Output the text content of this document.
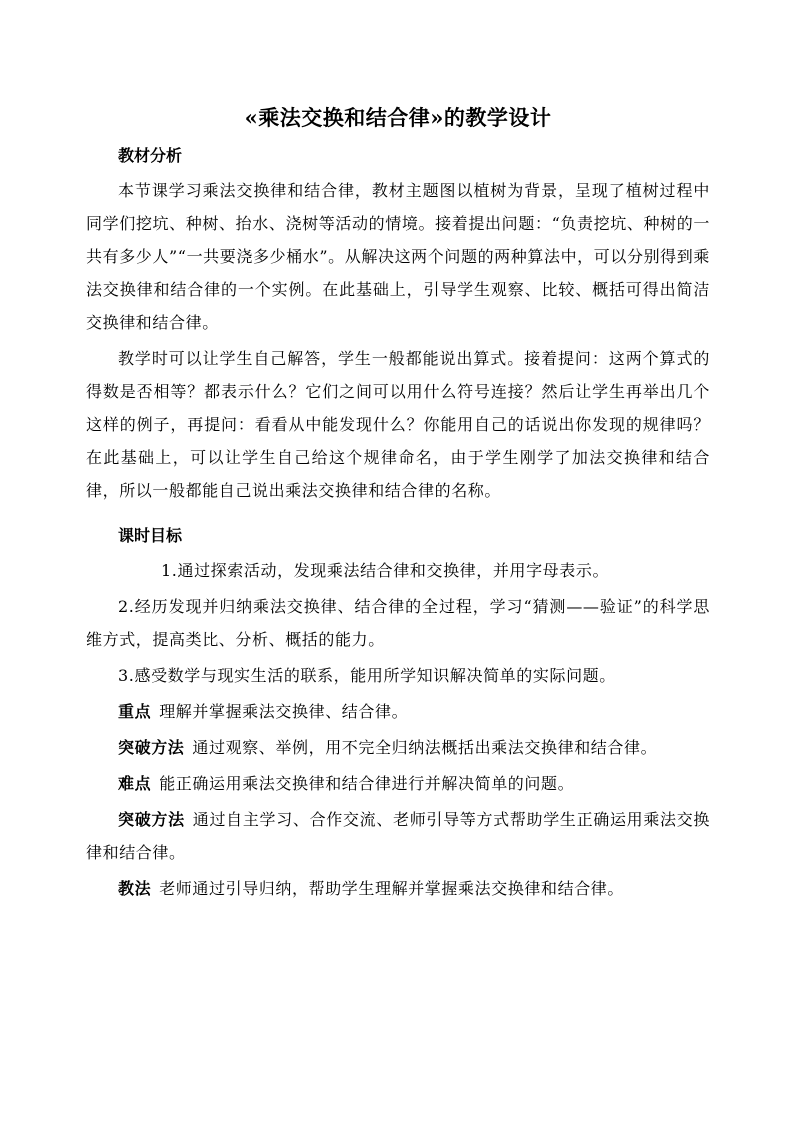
«乘法交换和结合律»的教学设计

教材分析

本节课学习乘法交换律和结合律，教材主题图以植树为背景，呈现了植树过程中同学们挖坑、种树、抬水、浇树等活动的情境。接着提出问题：“负责挖坑、种树的一共有多少人”“一共要浇多少桶水”。从解决这两个问题的两种算法中，可以分别得到乘法交换律和结合律的一个实例。在此基础上，引导学生观察、比较、概括可得出简洁交换律和结合律。

教学时可以让学生自己解答，学生一般都能说出算式。接着提问：这两个算式的得数是否相等？都表示什么？它们之间可以用什么符号连接？然后让学生再举出几个这样的例子，再提问：看看从中能发现什么？你能用自己的话说出你发现的规律吗？在此基础上，可以让学生自己给这个规律命名，由于学生刚学了加法交换律和结合律，所以一般都能自己说出乘法交换律和结合律的名称。

课时目标

1.通过探索活动，发现乘法结合律和交换律，并用字母表示。

2.经历发现并归纳乘法交换律、结合律的全过程，学习“猜测——验证”的科学思维方式，提高类比、分析、概括的能力。

3.感受数学与现实生活的联系，能用所学知识解决简单的实际问题。

重点 理解并掌握乘法交换律、结合律。

突破方法 通过观察、举例，用不完全归纳法概括出乘法交换律和结合律。

难点 能正确运用乘法交换律和结合律进行并解决简单的问题。

突破方法 通过自主学习、合作交流、老师引导等方式帮助学生正确运用乘法交换律和结合律。

教法 老师通过引导归纳，帮助学生理解并掌握乘法交换律和结合律。
